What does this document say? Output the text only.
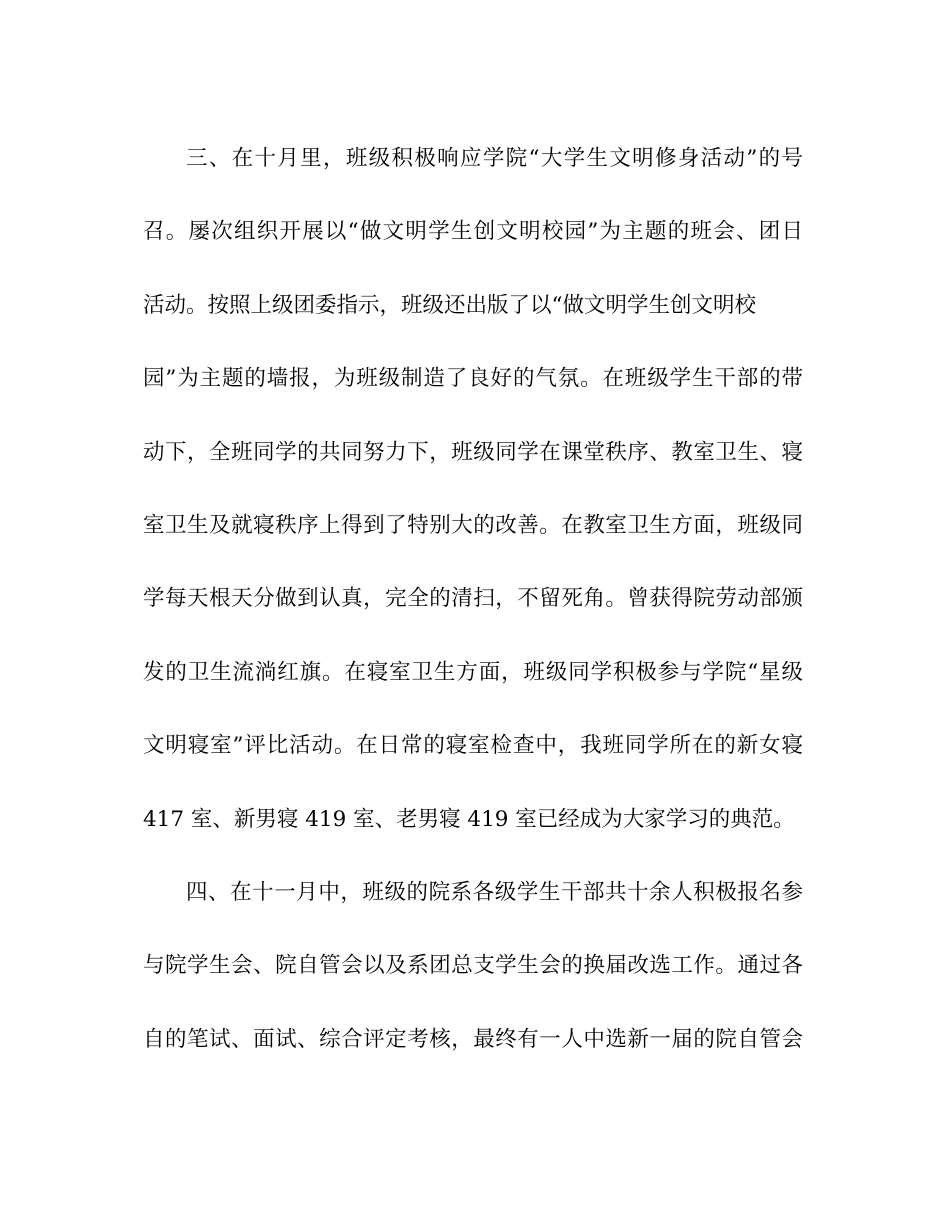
三、在十月里，班级积极响应学院“大学生文明修身活动”的号
召。屡次组织开展以“做文明学生创文明校园”为主题的班会、团日
活动。按照上级团委指示，班级还出版了以“做文明学生创文明校
园”为主题的墙报，为班级制造了良好的气氛。在班级学生干部的带
动下，全班同学的共同努力下，班级同学在课堂秩序、教室卫生、寝
室卫生及就寝秩序上得到了特别大的改善。在教室卫生方面，班级同
学每天根天分做到认真，完全的清扫，不留死角。曾获得院劳动部颁
发的卫生流淌红旗。在寝室卫生方面，班级同学积极参与学院“星级
文明寝室”评比活动。在日常的寝室检查中，我班同学所在的新女寝
417 室、新男寝 419 室、老男寝 419 室已经成为大家学习的典范。
四、在十一月中，班级的院系各级学生干部共十余人积极报名参
与院学生会、院自管会以及系团总支学生会的换届改选工作。通过各
自的笔试、面试、综合评定考核，最终有一人中选新一届的院自管会
